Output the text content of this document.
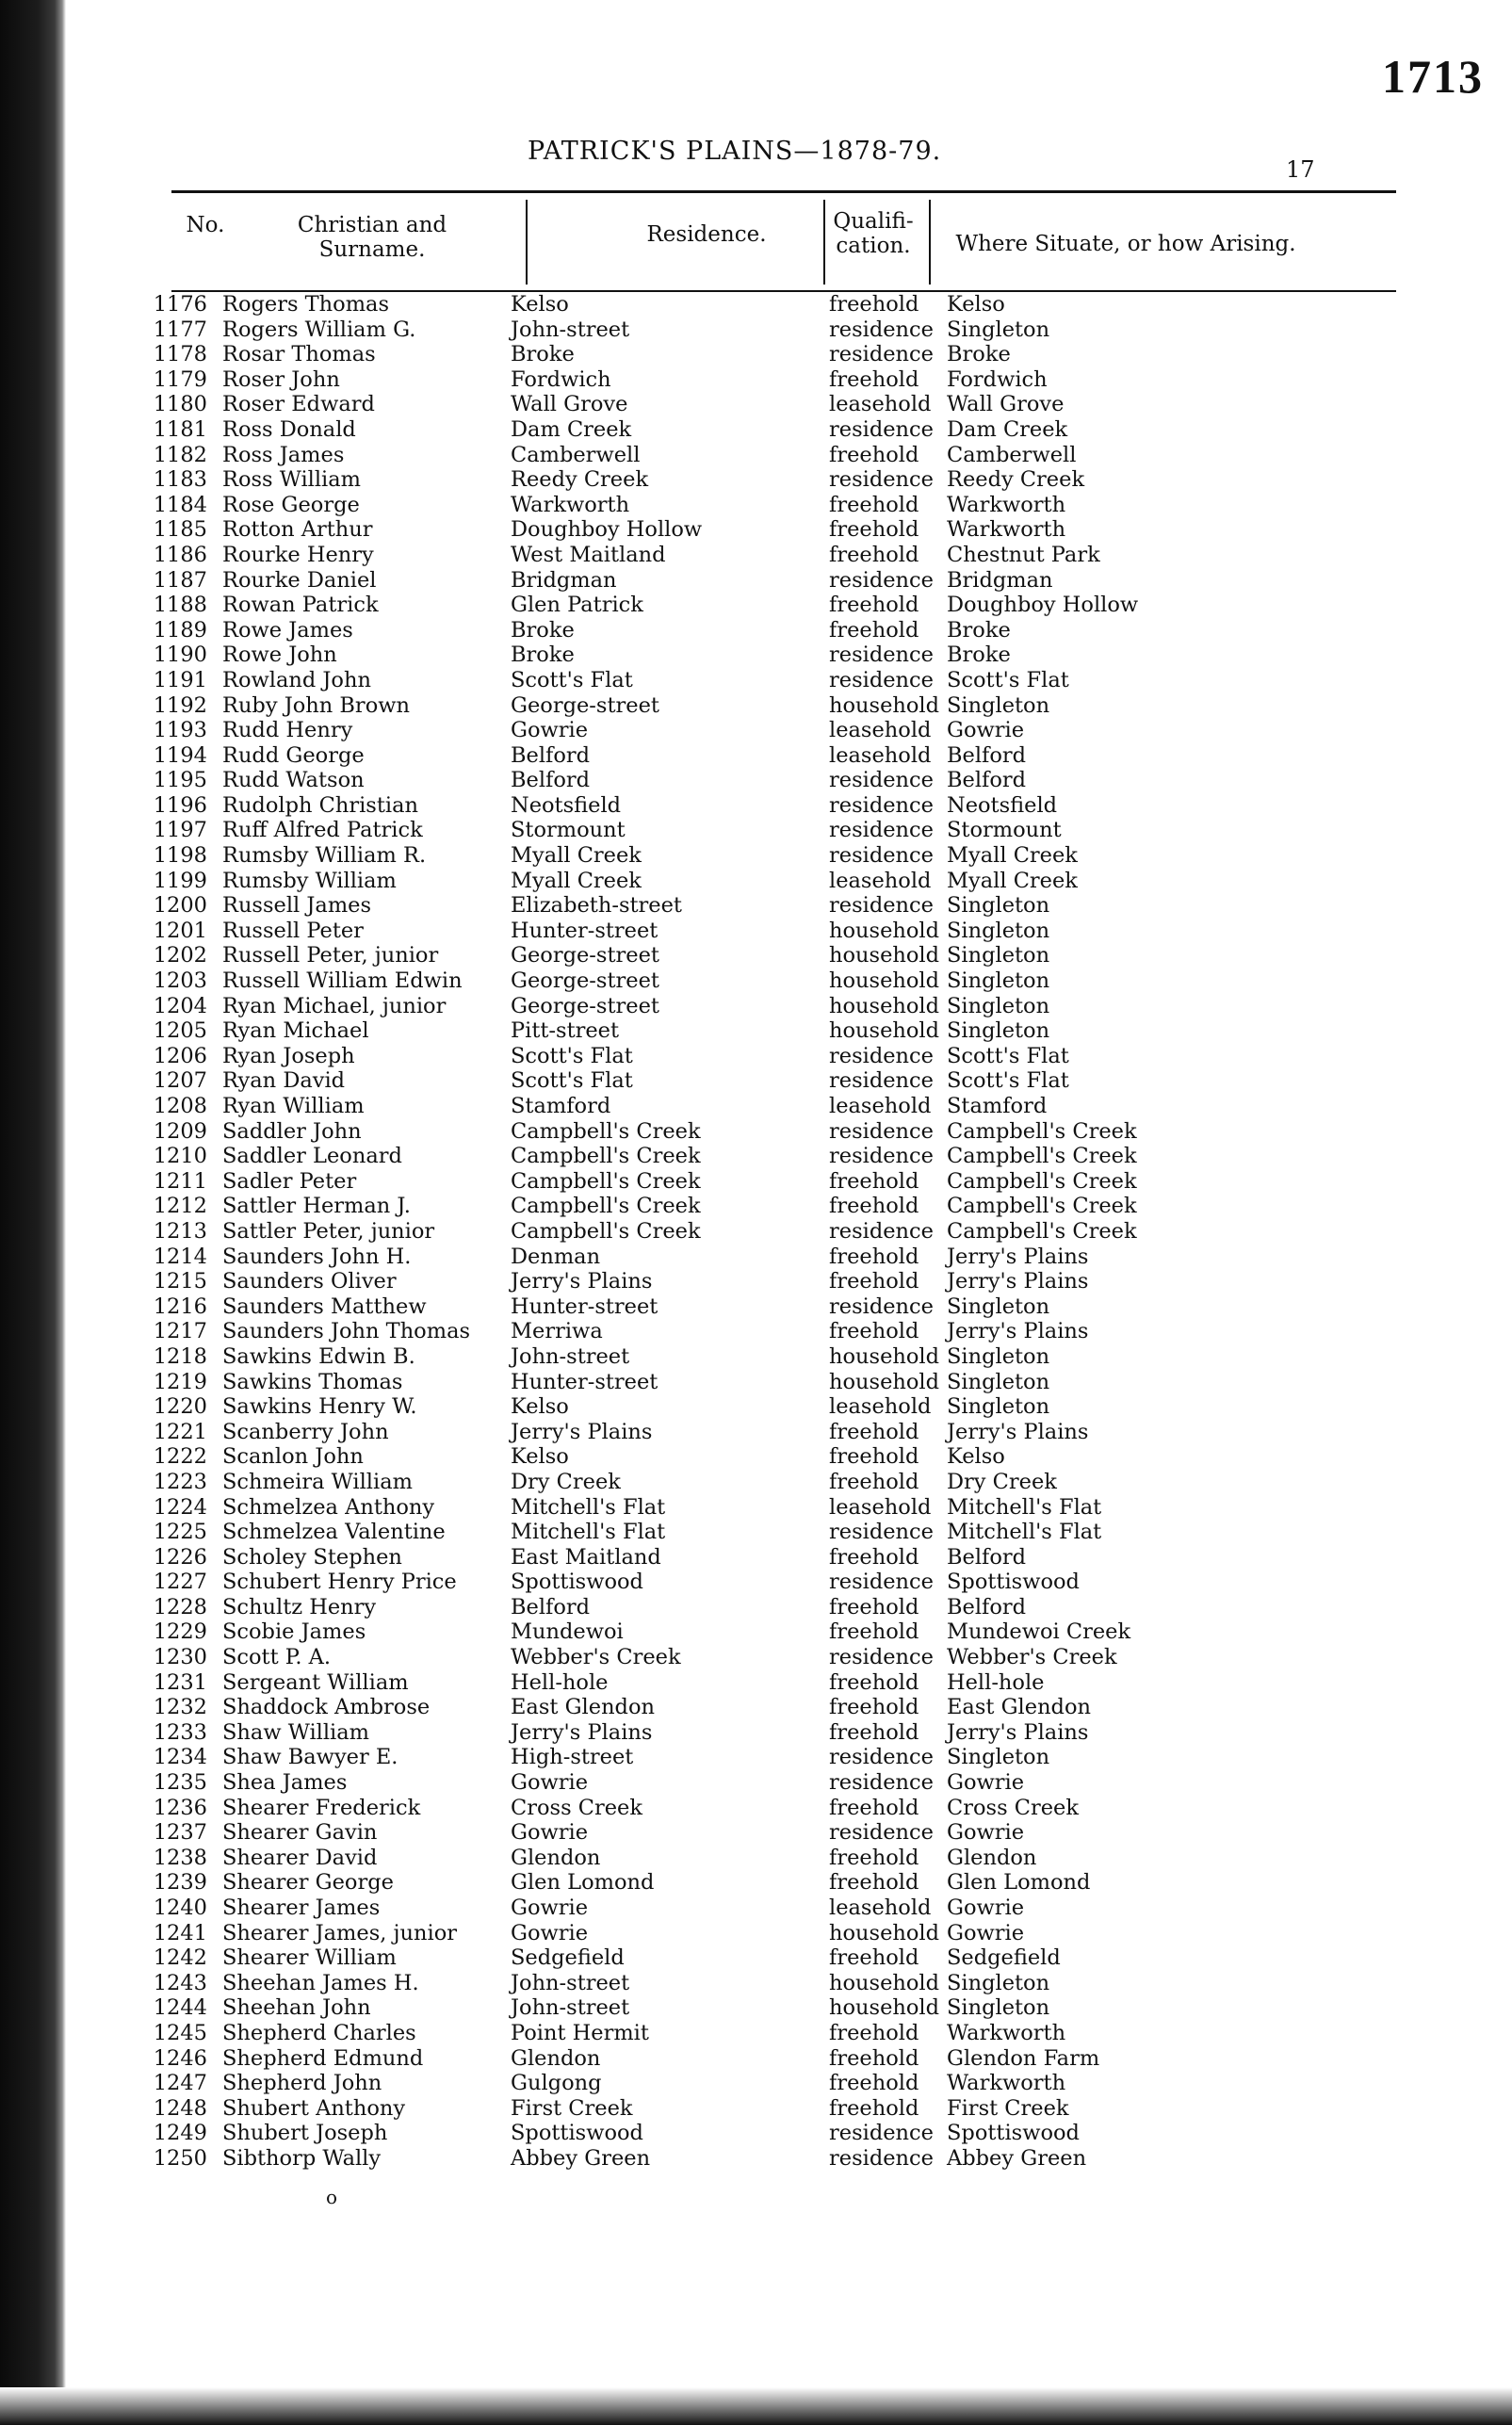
1713
PATRICK'S PLAINS—1878-79.
17
No.	Christian and Surname.
Residence.
Qualifi-cation.	Where Situate, or how Arising.
1176 Rogers Thomas	Kelso	freehold Kelso
1177 Rogers William G.	John-street	residence Singleton
1178 Rosar Thomas	Broke	residence Broke
1179 Roser John	Fordwich	freehold Fordwich
1180 Roser Edward	Wall Grove	leasehold Wall Grove
1181 Ross Donald	Dam Creek	residence Dam Creek
1182 Ross James	Camberwell	freehold Camberwell
1183 Ross William	Reedy Creek	residence Reedy Creek
1184 Rose George	Warkworth	freehold Warkworth
1185 Rotton Arthur	Doughboy Hollow	freehold Warkworth
1186 Rourke Henry	West Maitland	freehold Chestnut Park
1187 Rourke Daniel	Bridgman	residence Bridgman
1188 Rowan Patrick	Glen Patrick	freehold Doughboy Hollow
1189 Rowe James	Broke	freehold Broke
1190 Rowe John	Broke	residence Broke
1191 Rowland John	Scott's Flat	residence Scott's Flat
1192 Ruby John Brown	George-street	household Singleton
1193 Rudd Henry	Gowrie	leasehold Gowrie
1194 Rudd George	Belford	leasehold Belford
1195 Rudd Watson	Belford	residence Belford
1196 Rudolph Christian	Neotsfield	residence Neotsfield
1197 Ruff Alfred Patrick	Stormount	residence Stormount
1198 Rumsby William R.	Myall Creek	residence Myall Creek
1199 Rumsby William	Myall Creek	leasehold Myall Creek
1200 Russell James	Elizabeth-street	residence Singleton
1201 Russell Peter	Hunter-street	household Singleton
1202 Russell Peter, junior	George-street	household Singleton
1203 Russell William Edwin George-street	household Singleton
1204 Ryan Michael, junior	George-street	household Singleton
1205 Ryan Michael	Pitt-street	household Singleton
1206 Ryan Joseph	Scott's Flat	residence Scott's Flat
1207 Ryan David	Scott's Flat	residence Scott's Flat
1208 Ryan William	Stamford	leasehold Stamford
1209 Saddler John	Campbell's Creek	residence Campbell's Creek
1210 Saddler Leonard	Campbell's Creek	residence Campbell's Creek
1211 Sadler Peter	Campbell's Creek	freehold Campbell's Creek
1212 Sattler Herman J.	Campbell's Creek	freehold Campbell's Creek
1213 Sattler Peter, junior	Campbell's Creek	residence Campbell's Creek
1214 Saunders John H.	Denman	freehold Jerry's Plains
1215 Saunders Oliver	Jerry's Plains	freehold Jerry's Plains
1216 Saunders Matthew	Hunter-street	residence Singleton
1217 Saunders John Thomas Merriwa	freehold Jerry's Plains
1218 Sawkins Edwin B.	John-street	household Singleton
1219 Sawkins Thomas	Hunter-street	household Singleton
1220 Sawkins Henry W.	Kelso	leasehold Singleton
1221 Scanberry John	Jerry's Plains	freehold Jerry's Plains
1222 Scanlon John	Kelso	freehold Kelso
1223 Schmeira William	Dry Creek	freehold Dry Creek
1224 Schmelzea Anthony	Mitchell's Flat	leasehold Mitchell's Flat
1225 Schmelzea Valentine	Mitchell's Flat	residence Mitchell's Flat
1226 Scholey Stephen	East Maitland	freehold Belford
1227 Schubert Henry Price	Spottiswood	residence Spottiswood
1228 Schultz Henry	Belford	freehold Belford
1229 Scobie James	Mundewoi	freehold Mundewoi Creek
1230 Scott P. A.	Webber's Creek	residence Webber's Creek
1231 Sergeant William	Hell-hole	freehold Hell-hole
1232 Shaddock Ambrose	East Glendon	freehold East Glendon
1233 Shaw William	Jerry's Plains	freehold Jerry's Plains
1234 Shaw Bawyer E.	High-street	residence Singleton
1235 Shea James	Gowrie	residence Gowrie
1236 Shearer Frederick	Cross Creek	freehold Cross Creek
1237 Shearer Gavin	Gowrie	residence Gowrie
1238 Shearer David	Glendon	freehold Glendon
1239 Shearer George	Glen Lomond	freehold Glen Lomond
1240 Shearer James	Gowrie	leasehold Gowrie
1241 Shearer James, junior	Gowrie	household Gowrie
1242 Shearer William	Sedgefield	freehold Sedgefield
1243 Sheehan James H.	John-street	household Singleton
1244 Sheehan John	John-street	household Singleton
1245 Shepherd Charles	Point Hermit	freehold Warkworth
1246 Shepherd Edmund	Glendon	freehold Glendon Farm
1247 Shepherd John	Gulgong	freehold Warkworth
1248 Shubert Anthony	First Creek	freehold First Creek
1249 Shubert Joseph	Spottiswood	residence Spottiswood
1250 Sibthorp Wally	Abbey Green	residence Abbey Green
o
